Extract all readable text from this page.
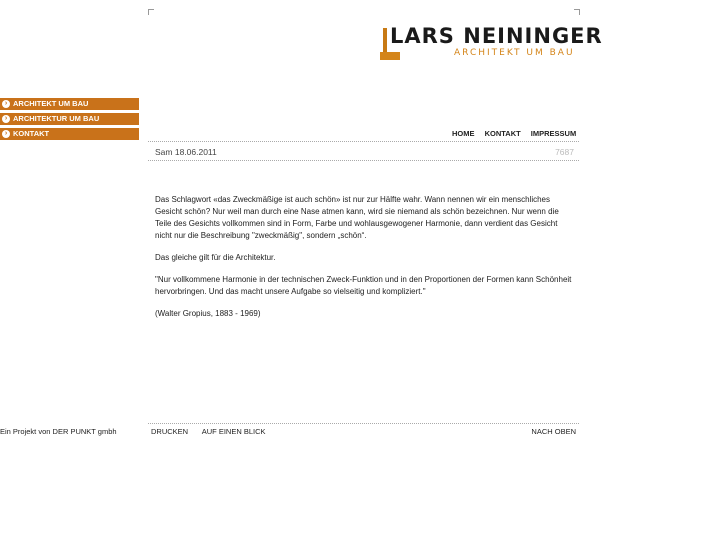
LARS NEININGER
ARCHITEKT UM BAU
› ARCHITEKT UM BAU
› ARCHITEKTUR UM BAU
› KONTAKT	HOME KONTAKT IMPRESSUM
Sam 18.06.2011	7687

Das Schlagwort «das Zweckmäßige ist auch schön» ist nur zur Hälfte wahr. Wann nennen wir ein menschliches Gesicht schön? Nur weil man durch eine Nase atmen kann, wird sie niemand als schön bezeichnen. Nur wenn die Teile des Gesichts vollkommen sind in Form, Farbe und wohlausgewogener Harmonie, dann verdient das Gesicht nicht nur die Beschreibung "zweckmäßig", sondern „schön“.

Das gleiche gilt für die Architektur.

"Nur vollkommene Harmonie in der technischen Zweck-Funktion und in den Proportionen der Formen kann Schönheit hervorbringen. Und das macht unsere Aufgabe so vielseitig und kompliziert."

(Walter Gropius, 1883 - 1969)

Ein Projekt von DER PUNKT gmbh	DRUCKEN AUF EINEN BLICK	NACH OBEN
